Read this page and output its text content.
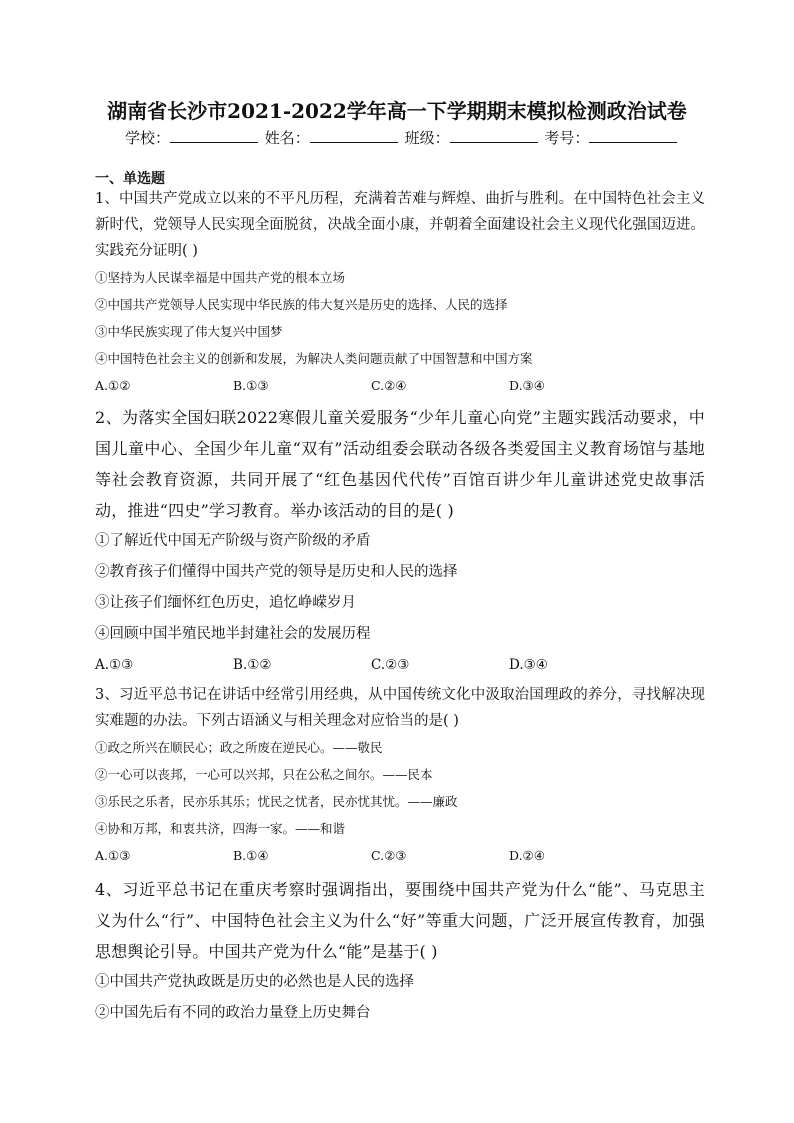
湖南省长沙市2021-2022学年高一下学期期末模拟检测政治试卷
学校：	姓名：	班级：	考号：
一、单选题

1、中国共产党成立以来的不平凡历程，充满着苦难与辉煌、曲折与胜利。在中国特色社会主义新时代，党领导人民实现全面脱贫，决战全面小康，并朝着全面建设社会主义现代化强国迈进。实践充分证明( )

①坚持为人民谋幸福是中国共产党的根本立场

②中国共产党领导人民实现中华民族的伟大复兴是历史的选择、人民的选择

③中华民族实现了伟大复兴中国梦

④中国特色社会主义的创新和发展，为解决人类问题贡献了中国智慧和中国方案

A.①②	B.①③	C.②④	D.③④

2、为落实全国妇联2022寒假儿童关爱服务“少年儿童心向党”主题实践活动要求，中国儿童中心、全国少年儿童“双有”活动组委会联动各级各类爱国主义教育场馆与基地等社会教育资源，共同开展了“红色基因代代传”百馆百讲少年儿童讲述党史故事活动，推进“四史”学习教育。举办该活动的目的是( )

①了解近代中国无产阶级与资产阶级的矛盾

②教育孩子们懂得中国共产党的领导是历史和人民的选择

③让孩子们缅怀红色历史，追忆峥嵘岁月

④回顾中国半殖民地半封建社会的发展历程

A.①③	B.①②	C.②③	D.③④

3、习近平总书记在讲话中经常引用经典，从中国传统文化中汲取治国理政的养分，寻找解决现实难题的办法。下列古语涵义与相关理念对应恰当的是( )

①政之所兴在顺民心；政之所废在逆民心。——敬民

②一心可以丧邦，一心可以兴邦，只在公私之间尔。——民本

③乐民之乐者，民亦乐其乐；忧民之忧者，民亦忧其忧。——廉政

④协和万邦，和衷共济，四海一家。——和谐

A.①③	B.①④	C.②③	D.②④

4、习近平总书记在重庆考察时强调指出，要围绕中国共产党为什么“能”、马克思主义为什么“行”、中国特色社会主义为什么“好”等重大问题，广泛开展宣传教育，加强思想舆论引导。中国共产党为什么“能”是基于( )

①中国共产党执政既是历史的必然也是人民的选择

②中国先后有不同的政治力量登上历史舞台
